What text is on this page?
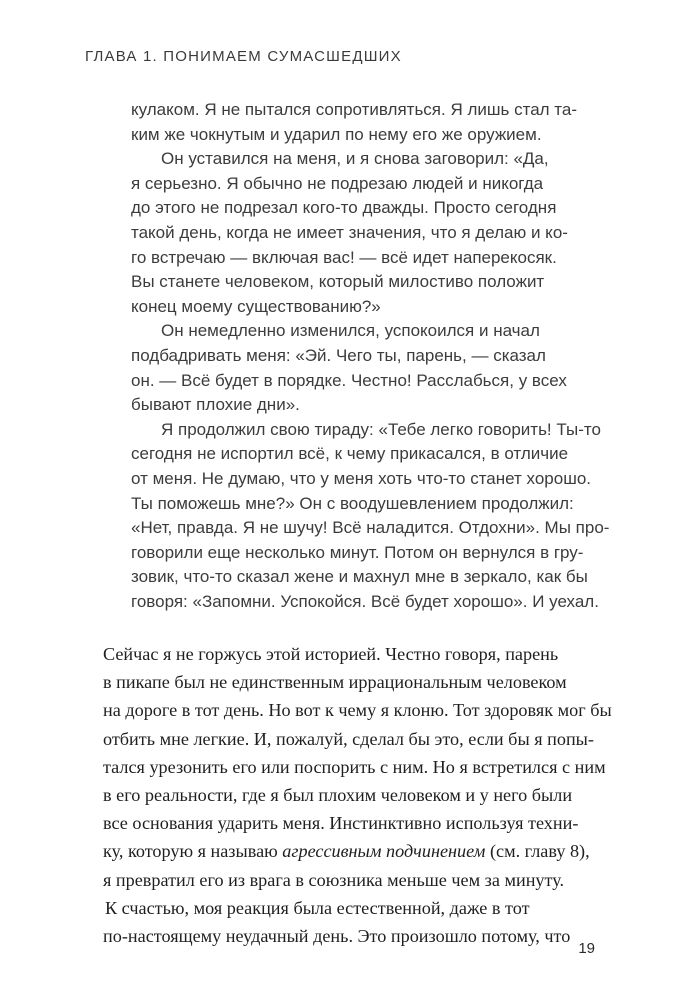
ГЛАВА 1. ПОНИМАЕМ СУМАСШЕДШИХ
кулаком. Я не пытался сопротивляться. Я лишь стал та-
ким же чокнутым и ударил по нему его же оружием.
Он уставился на меня, и я снова заговорил: «Да,
я серьезно. Я обычно не подрезаю людей и никогда
до этого не подрезал кого-то дважды. Просто сегодня
такой день, когда не имеет значения, что я делаю и ко-
го встречаю — включая вас! — всё идет наперекосяк.
Вы станете человеком, который милостиво положит
конец моему существованию?»
Он немедленно изменился, успокоился и начал
подбадривать меня: «Эй. Чего ты, парень, — сказал
он. — Всё будет в порядке. Честно! Расслабься, у всех
бывают плохие дни».
Я продолжил свою тираду: «Тебе легко говорить! Ты-то
сегодня не испортил всё, к чему прикасался, в отличие
от меня. Не думаю, что у меня хоть что-то станет хорошо.
Ты поможешь мне?» Он с воодушевлением продолжил:
«Нет, правда. Я не шучу! Всё наладится. Отдохни». Мы про-
говорили еще несколько минут. Потом он вернулся в гру-
зовик, что-то сказал жене и махнул мне в зеркало, как бы
говоря: «Запомни. Успокойся. Всё будет хорошо». И уехал.
Сейчас я не горжусь этой историей. Честно говоря, парень
в пикапе был не единственным иррациональным человеком
на дороге в тот день. Но вот к чему я клоню. Тот здоровяк мог бы
отбить мне легкие. И, пожалуй, сделал бы это, если бы я попы-
тался урезонить его или поспорить с ним. Но я встретился с ним
в его реальности, где я был плохим человеком и у него были
все основания ударить меня. Инстинктивно используя техни-
ку, которую я называю агрессивным подчинением (см. главу 8),
я превратил его из врага в союзника меньше чем за минуту.
К счастью, моя реакция была естественной, даже в тот
по-настоящему неудачный день. Это произошло потому, что
19
